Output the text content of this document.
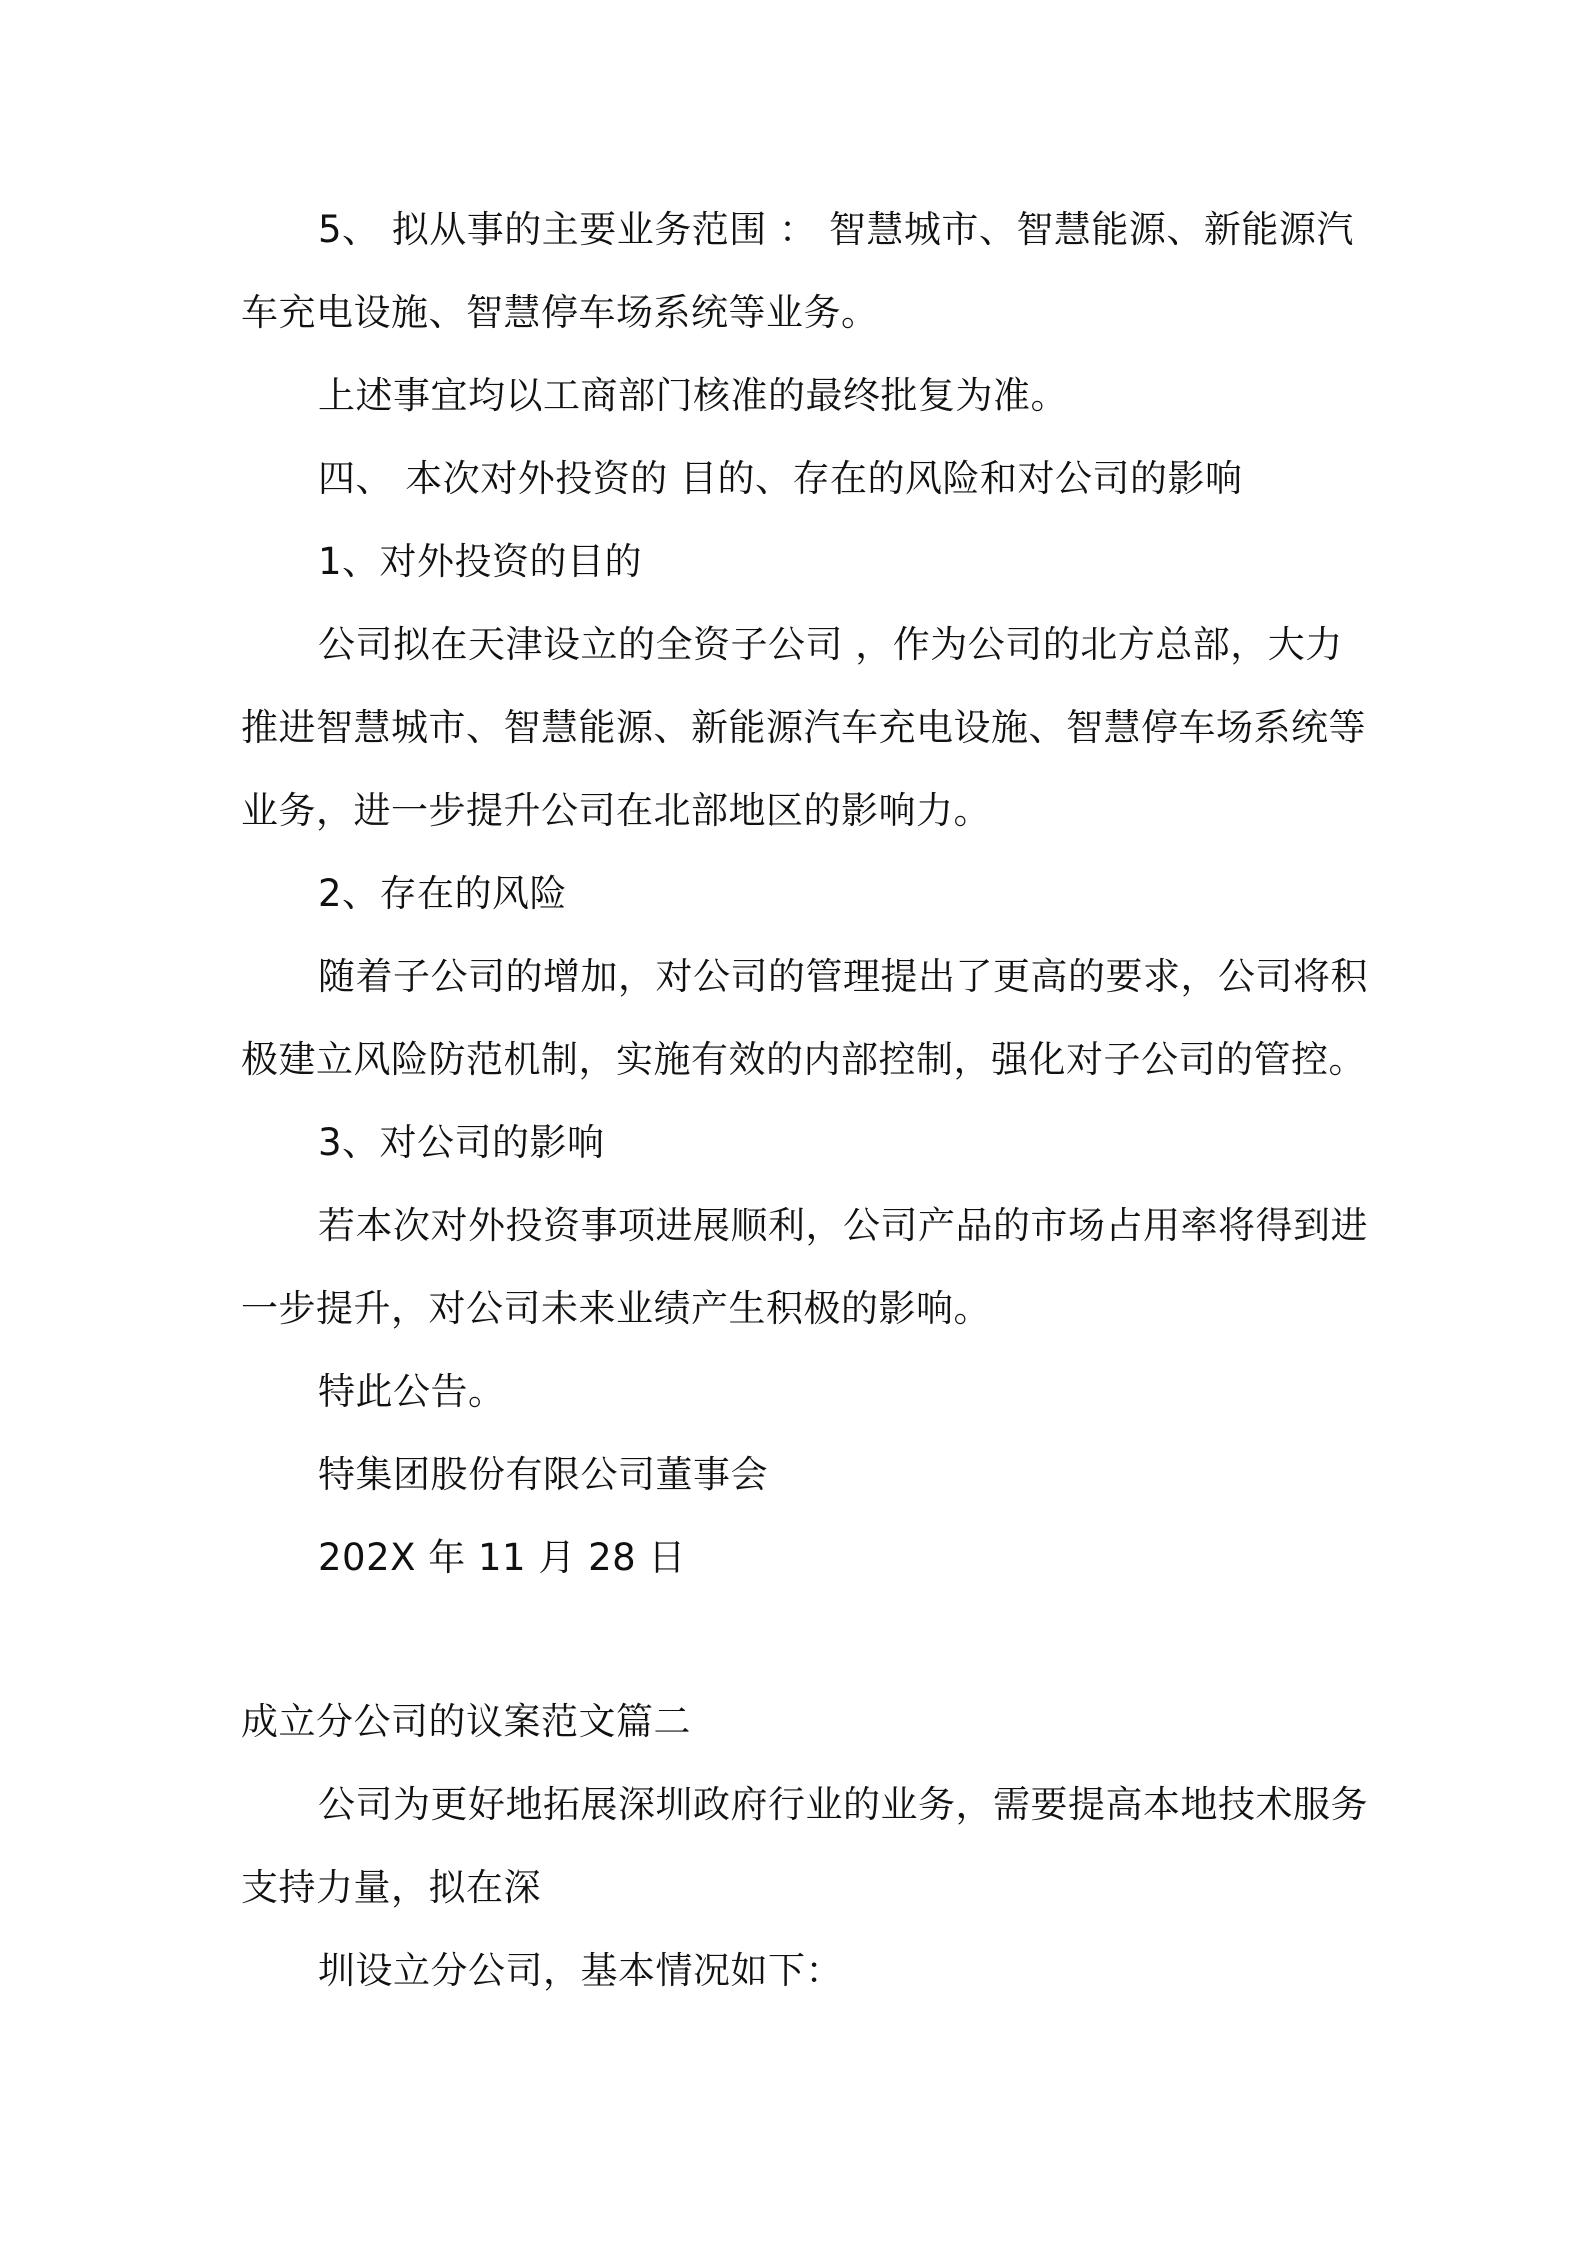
5、 拟从事的主要业务范围 ： 智慧城市、智慧能源、新能源汽
车充电设施、智慧停车场系统等业务。
上述事宜均以工商部门核准的最终批复为准。
四、 本次对外投资的 目的、存在的风险和对公司的影响
1、对外投资的目的
公司拟在天津设立的全资子公司 ，作为公司的北方总部，大力
推进智慧城市、智慧能源、新能源汽车充电设施、智慧停车场系统等
业务，进一步提升公司在北部地区的影响力。
2、存在的风险
随着子公司的增加，对公司的管理提出了更高的要求，公司将积
极建立风险防范机制，实施有效的内部控制，强化对子公司的管控。
3、对公司的影响
若本次对外投资事项进展顺利，公司产品的市场占用率将得到进
一步提升，对公司未来业绩产生积极的影响。
特此公告。
特集团股份有限公司董事会
202X 年 11 月 28 日
成立分公司的议案范文篇二
公司为更好地拓展深圳政府行业的业务，需要提高本地技术服务
支持力量，拟在深
圳设立分公司，基本情况如下：
